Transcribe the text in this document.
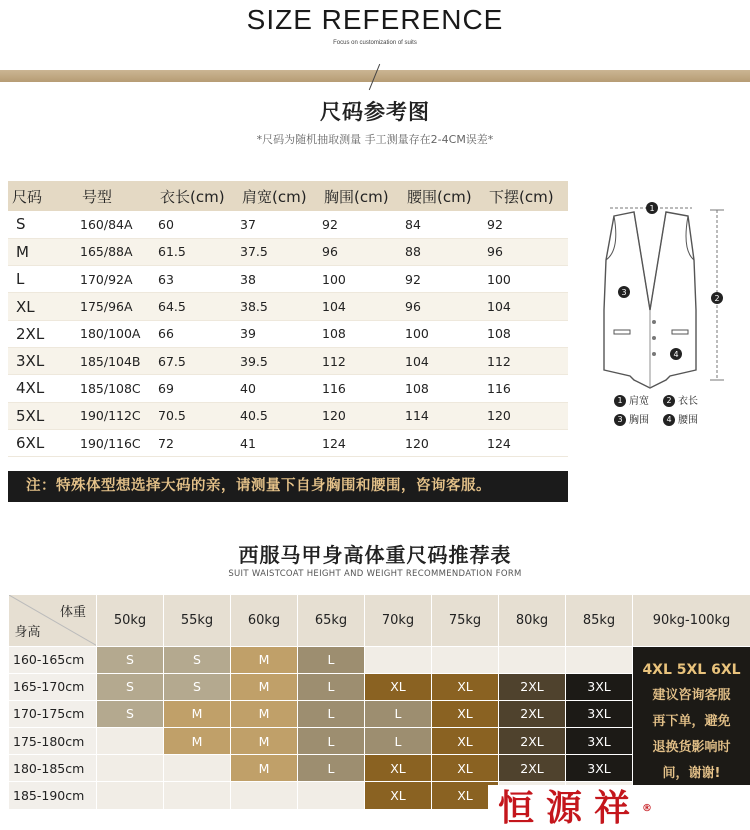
SIZE REFERENCE
Focus on customization of suits
尺码参考图
*尺码为随机抽取测量 手工测量存在2-4CM误差*
尺码	号型	衣长(cm)	肩宽(cm)	胸围(cm)	腰围(cm)	下摆(cm)
S	160/84A	60	37	92	84	92
M	165/88A	61.5	37.5	96	88	96
L	170/92A	63	38	100	92	100
XL	175/96A	64.5	38.5	104	96	104
2XL	180/100A	66	39	108	100	108
3XL	185/104B	67.5	39.5	112	104	112
4XL	185/108C	69	40	116	108	116
5XL	190/112C	70.5	40.5	120	114	120
6XL	190/116C	72	41	124	120	124
注：特殊体型想选择大码的亲，请测量下自身胸围和腰围，咨询客服。
1
2
3
4
1 肩宽	2 衣长
3 胸围	4 腰围
西服马甲身高体重尺码推荐表
SUIT WAISTCOAT HEIGHT AND WEIGHT RECOMMENDATION FORM
体重
身高	50kg	55kg	60kg	65kg	70kg	75kg	80kg	85kg	90kg-100kg
160-165cm	S	S	M	L					4XL 5XL 6XL
建议咨询客服
再下单，避免
退换货影响时
间，谢谢!

165-170cm	S	S	M	L	XL	XL	2XL	3XL	
170-175cm	S	M	M	L	L	XL	2XL	3XL	
175-180cm		M	M	L	L	XL	2XL	3XL	
180-185cm			M	L	XL	XL	2XL	3XL	
185-190cm					XL	XL			恒源祥®
